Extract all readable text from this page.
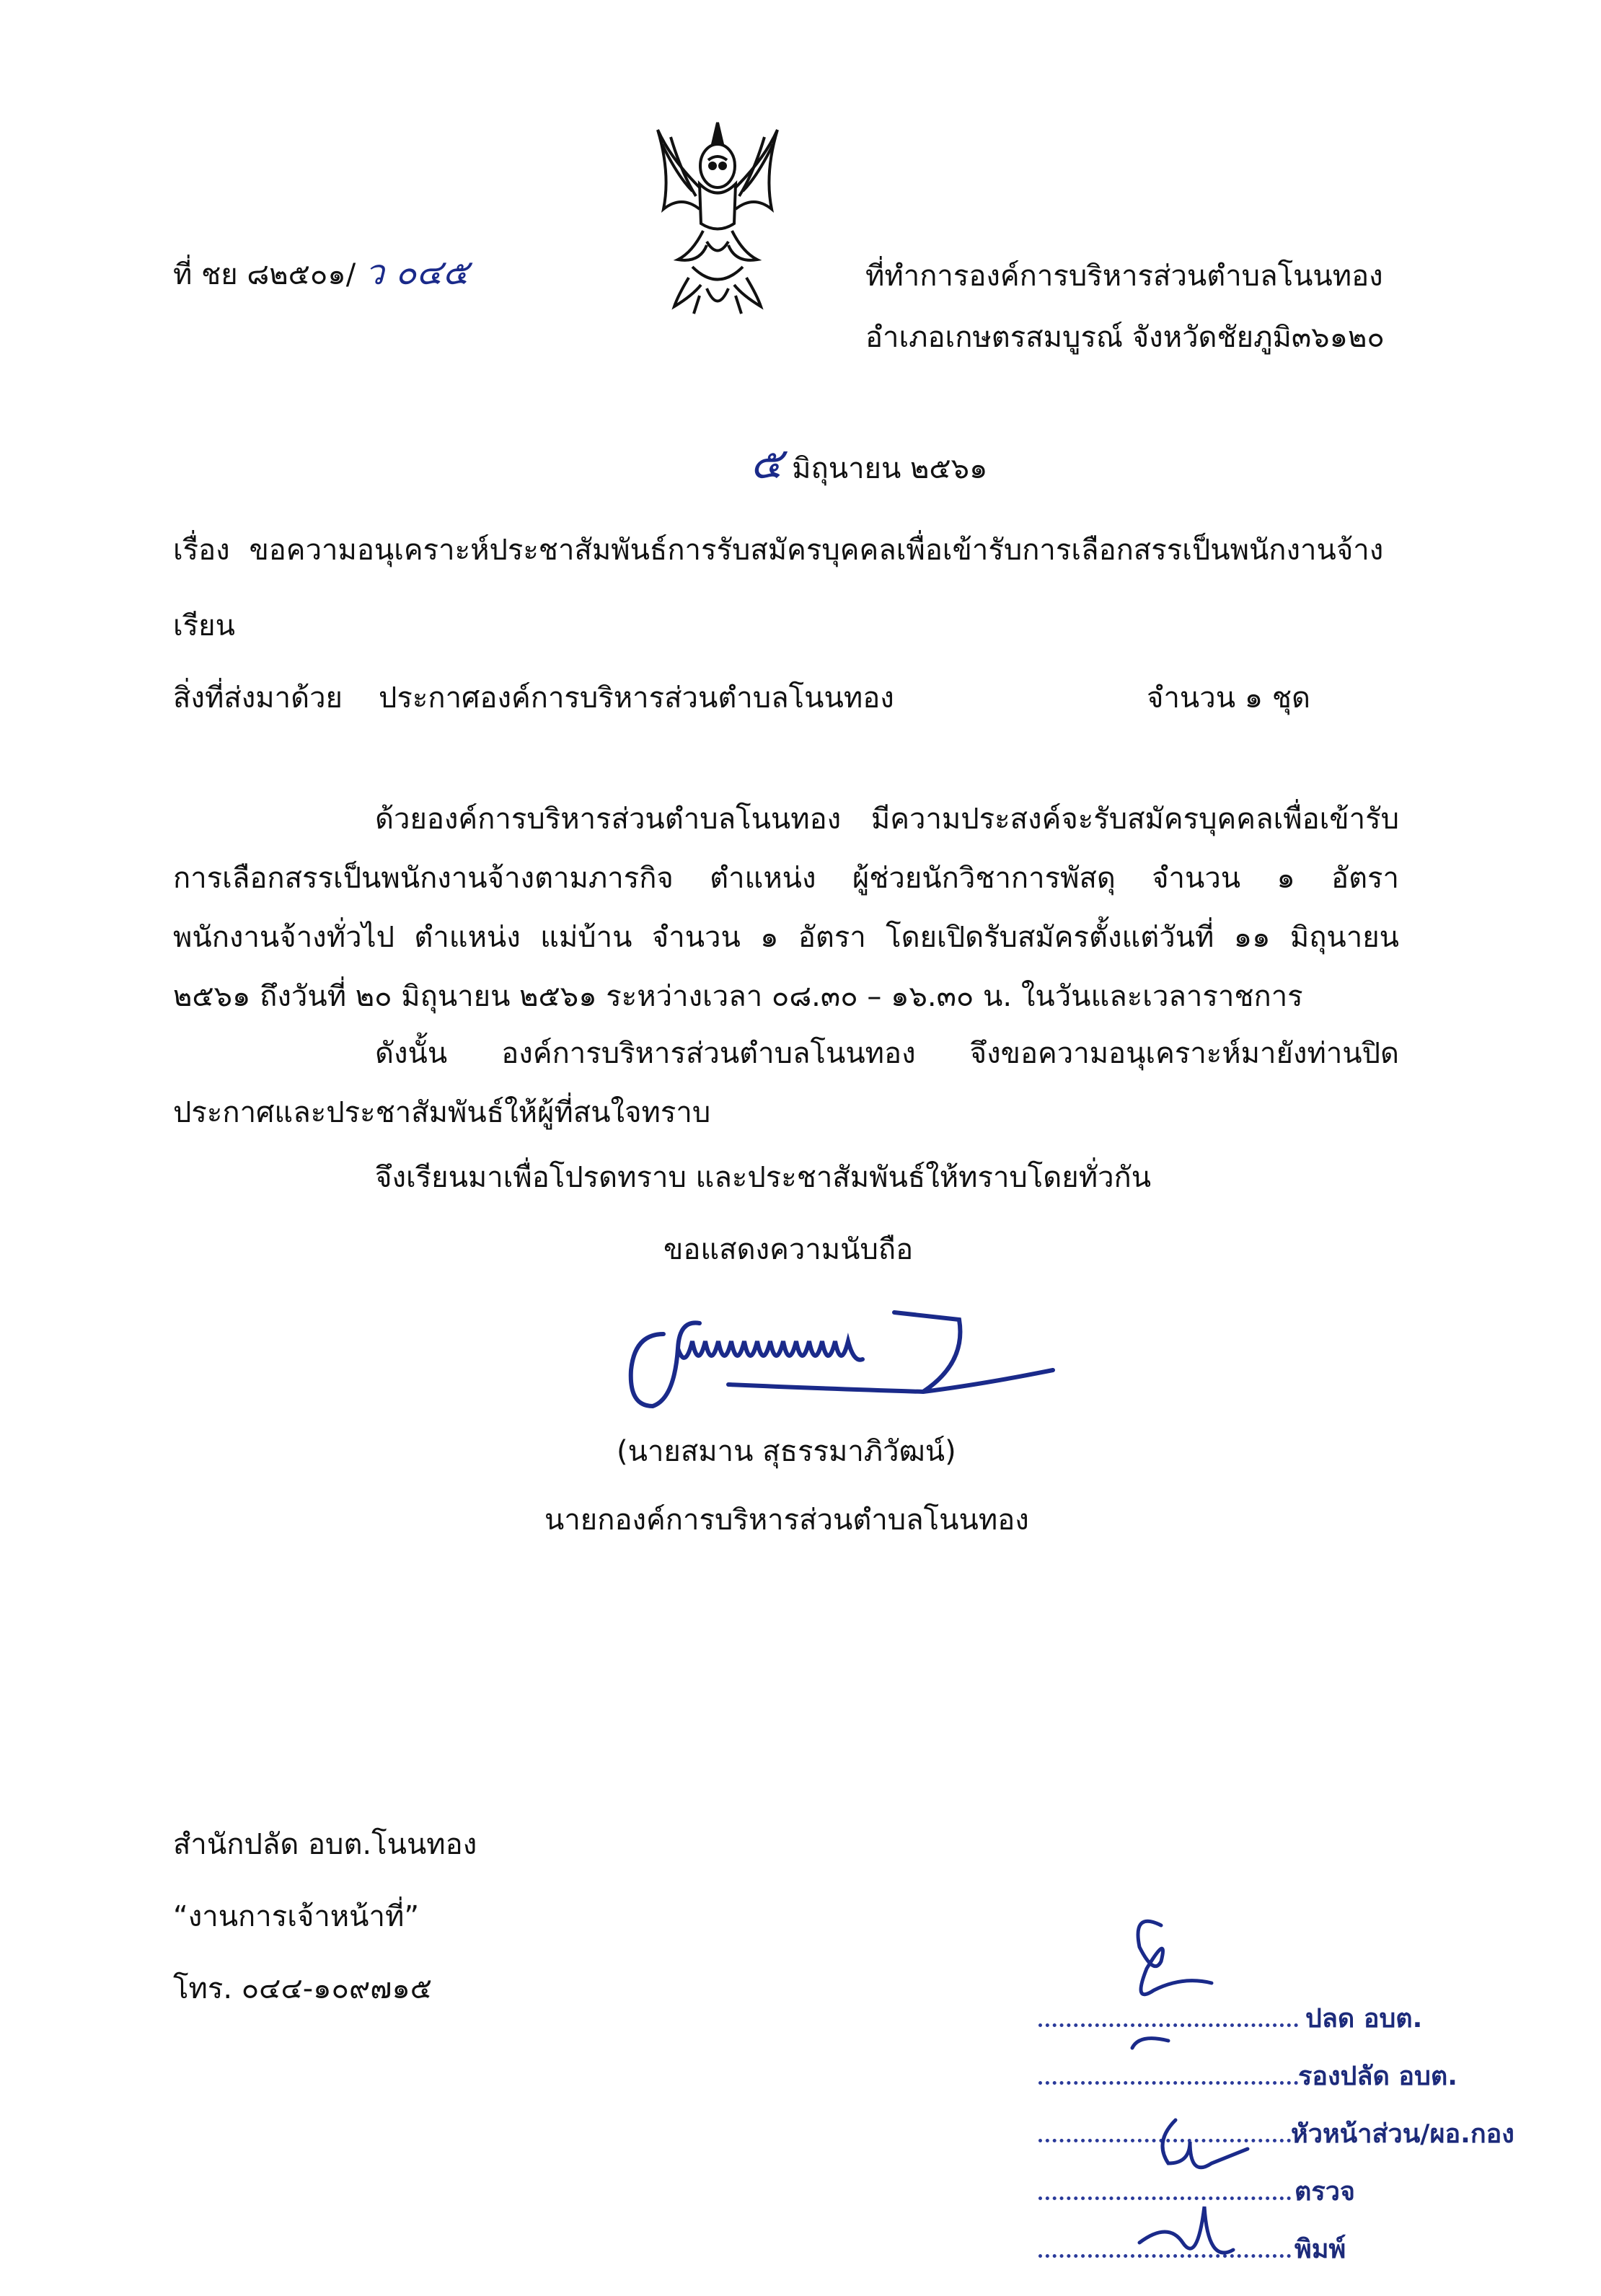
ที่ ชย ๘๒๕๐๑/ ว ๐๔๕	ที่ทำการองค์การบริหารส่วนตำบลโนนทอง
อำเภอเกษตรสมบูรณ์ จังหวัดชัยภูมิ๓๖๑๒๐
๕ มิถุนายน ๒๕๖๑
เรื่อง ขอความอนุเคราะห์ประชาสัมพันธ์การรับสมัครบุคคลเพื่อเข้ารับการเลือกสรรเป็นพนักงานจ้าง
เรียน
สิ่งที่ส่งมาด้วย ประกาศองค์การบริหารส่วนตำบลโนนทอง	จำนวน ๑ ชุด
ด้วยองค์การบริหารส่วนตำบลโนนทอง มีความประสงค์จะรับสมัครบุคคลเพื่อเข้ารับ
การเลือกสรรเป็นพนักงานจ้างตามภารกิจ ตำแหน่ง ผู้ช่วยนักวิชาการพัสดุ จำนวน ๑ อัตรา
พนักงานจ้างทั่วไป ตำแหน่ง แม่บ้าน จำนวน ๑ อัตรา โดยเปิดรับสมัครตั้งแต่วันที่ ๑๑ มิถุนายน
๒๕๖๑ ถึงวันที่ ๒๐ มิถุนายน ๒๕๖๑ ระหว่างเวลา ๐๘.๓๐ – ๑๖.๓๐ น. ในวันและเวลาราชการ
ดังนั้น องค์การบริหารส่วนตำบลโนนทอง จึงขอความอนุเคราะห์มายังท่านปิด
ประกาศและประชาสัมพันธ์ให้ผู้ที่สนใจทราบ
จึงเรียนมาเพื่อโปรดทราบ และประชาสัมพันธ์ให้ทราบโดยทั่วกัน
ขอแสดงความนับถือ
(นายสมาน สุธรรมาภิวัฒน์)
นายกองค์การบริหารส่วนตำบลโนนทอง
สำนักปลัด อบต.โนนทอง
“งานการเจ้าหน้าที่”
โทร. ๐๔๔-๑๐๙๗๑๕
ปลด อบต.
รองปลัด อบต.
หัวหน้าส่วน/ผอ.กอง
ตรวจ
พิมพ์
